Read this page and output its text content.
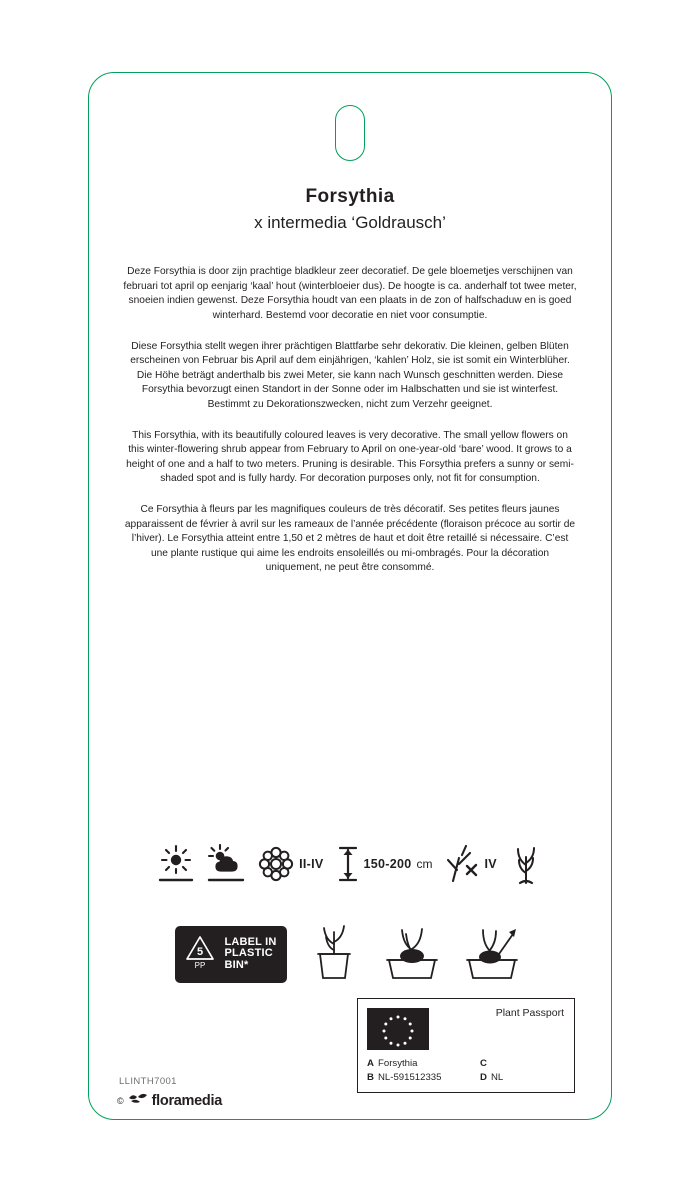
Forsythia
x intermedia ‘Goldrausch’

Deze Forsythia is door zijn prachtige bladkleur zeer decoratief. De gele bloemetjes verschijnen van februari tot april op eenjarig ‘kaal’ hout (winterbloeier dus). De hoogte is ca. anderhalf tot twee meter, snoeien indien gewenst. Deze Forsythia houdt van een plaats in de zon of halfschaduw en is goed winterhard. Bestemd voor decoratie en niet voor consumptie.

Diese Forsythia stellt wegen ihrer prächtigen Blattfarbe sehr dekorativ. Die kleinen, gelben Blüten erscheinen von Februar bis April auf dem einjährigen, ‘kahlen’ Holz, sie ist somit ein Winterblüher. Die Höhe beträgt anderthalb bis zwei Meter, sie kann nach Wunsch geschnitten werden. Diese Forsythia bevorzugt einen Standort in der Sonne oder im Halbschatten und sie ist winterfest. Bestimmt zu Dekorationszwecken, nicht zum Verzehr geeignet.

This Forsythia, with its beautifully coloured leaves is very decorative. The small yellow flowers on this winter-flowering shrub appear from February to April on one-year-old ‘bare’ wood. It grows to a height of one and a half to two meters. Pruning is desirable. This Forsythia prefers a sunny or semi-shaded spot and is fully hardy. For decoration purposes only, not fit for consumption.

Ce Forsythia à fleurs par les magnifiques couleurs de très décoratif. Ses petites fleurs jaunes apparaissent de février à avril sur les rameaux de l’année précédente (floraison précoce au sortir de l’hiver). Le Forsythia atteint entre 1,50 et 2 mètres de haut et doit être retaillé si nécessaire. C’est une plante rustique qui aime les endroits ensoleillés ou mi-ombragés. Pour la décoration uniquement, ne peut être consommé.

II-IV	150-200 cm	IV
5
PP
LABEL IN
PLASTIC
BIN*
Plant Passport
A Forsythia	C
B NL-591512335	D NL
LLINTH7001
© floramedia
